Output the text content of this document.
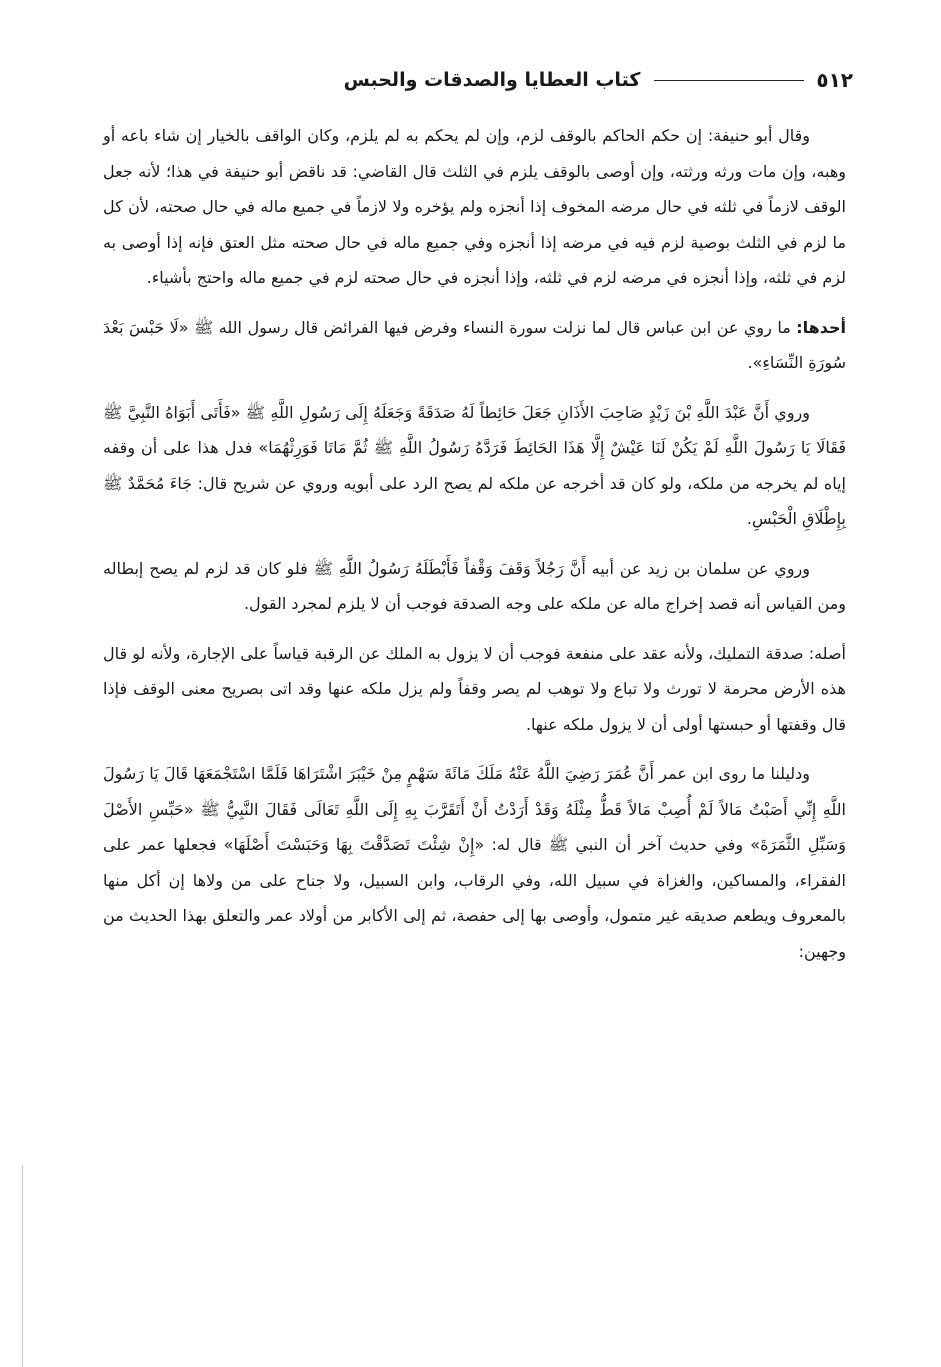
٥١٢
كتاب العطايا والصدقات والحبس

وقال أبو حنيفة: إن حكم الحاكم بالوقف لزم، وإن لم يحكم به لم يلزم، وكان الواقف بالخيار إن شاء باعه أو وهبه، وإن مات ورثه ورثته، وإن أوصى بالوقف يلزم في الثلث قال القاضي: قد ناقض أبو حنيفة في هذا؛ لأنه جعل الوقف لازماً في ثلثه في حال مرضه المخوف إذا أنجزه ولم يؤخره ولا لازماً في جميع ماله في حال صحته، لأن كل ما لزم في الثلث بوصية لزم فيه في مرضه إذا أنجزه وفي جميع ماله في حال صحته مثل العتق فإنه إذا أوصى به لزم في ثلثه، وإذا أنجزه في مرضه لزم في ثلثه، وإذا أنجزه في حال صحته لزم في جميع ماله واحتج بأشياء.

أحدها: ما روي عن ابن عباس قال لما نزلت سورة النساء وفرض فيها الفرائض قال رسول الله ﷺ «لَا حَبْسَ بَعْدَ سُورَةِ النِّسَاءِ».

وروي أَنَّ عَبْدَ اللَّهِ بْنَ زَيْدٍ صَاحِبَ الأَذَانِ جَعَلَ حَائِطاً لَهُ صَدَقَةً وَجَعَلَهُ إِلَى رَسُولِ اللَّهِ ﷺ «فَأَتَى أَبَوَاهُ النَّبِيَّ ﷺ فَقَالَا يَا رَسُولَ اللَّهِ لَمْ يَكُنْ لَنَا عَيْشٌ إِلَّا هَذَا الحَائِطَ فَرَدَّهُ رَسُولُ اللَّهِ ﷺ ثُمَّ مَاتَا فَوَرِثْهُمَا» فدل هذا على أن وقفه إياه لم يخرجه من ملكه، ولو كان قد أخرجه عن ملكه لم يصح الرد على أبويه وروي عن شريح قال: جَاءَ مُحَمَّدٌ ﷺ بِإِطْلَاقِ الْحَبْسِ.

وروي عن سلمان بن زيد عن أبيه أَنَّ رَجُلاً وَقَفَ وَقْفاً فَأَبْطَلَهُ رَسُولُ اللَّهِ ﷺ فلو كان قد لزم لم يصح إبطاله ومن القياس أنه قصد إخراج ماله عن ملكه على وجه الصدقة فوجب أن لا يلزم لمجرد القول.

أصله: صدقة التمليك، ولأنه عقد على منفعة فوجب أن لا يزول به الملك عن الرقبة قياساً على الإجارة، ولأنه لو قال هذه الأرض محرمة لا تورث ولا تباع ولا توهب لم يصر وقفاً ولم يزل ملكه عنها وقد اتى بصريح معنى الوقف فإذا قال وقفتها أو حبستها أولى أن لا يزول ملكه عنها.

ودليلنا ما روى ابن عمر أَنَّ عُمَرَ رَضِيَ اللَّهُ عَنْهُ مَلَكَ مَائَةَ سَهْمٍ مِنْ خَيْبَرَ اشْتَرَاهَا فَلَمَّا اسْتَجْمَعَهَا قَالَ يَا رَسُولَ اللَّهِ إِنِّي أَصَبْتُ مَالاً لَمْ أُصِبْ مَالاً قَطُّ مِثْلَهُ وَقَدْ أَرَدْتُ أَنْ أَتَقَرَّبَ بِهِ إِلَى اللَّهِ تَعَالَى فَقَالَ النَّبِيُّ ﷺ «حَبِّسِ الأَصْلَ وَسَبِّلِ الثَّمَرَةَ» وفي حديث آخر أن النبي ﷺ قال له: «إِنْ شِئْتَ تَصَدَّقْتَ بِهَا وَحَبَسْتَ أَصْلَهَا» فجعلها عمر على الفقراء، والمساكين، والغزاة في سبيل الله، وفي الرقاب، وابن السبيل، ولا جناح على من ولاها إن أكل منها بالمعروف ويطعم صديقه غير متمول، وأوصى بها إلى حفصة، ثم إلى الأكابر من أولاد عمر والتعلق بهذا الحديث من وجهين:
